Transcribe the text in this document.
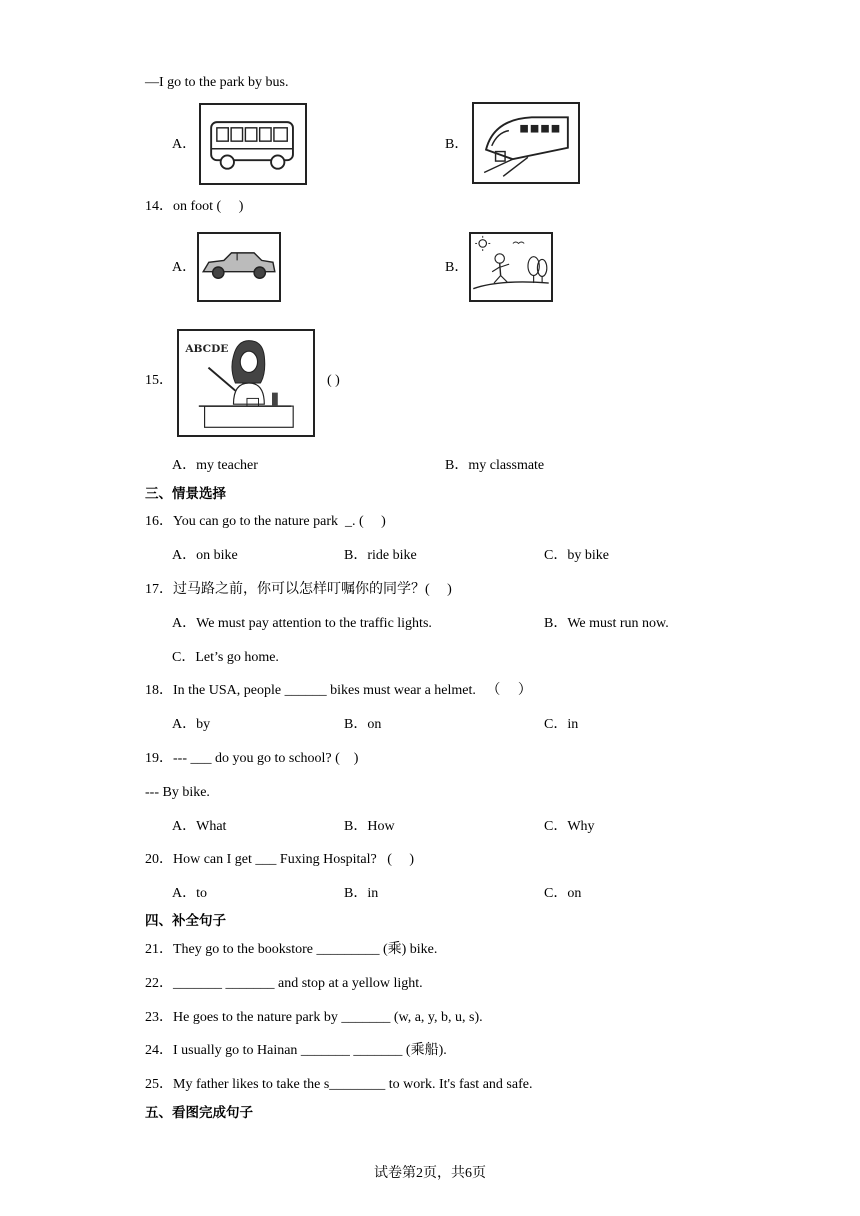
—I go to the park by bus.
A．	B．
14．on foot (     )
A．	B．
15．
ABCDE
( )
A．my teacher	B．my classmate
三、情景选择
16．You can go to the nature park  _. (     )
A．on bike	B．ride bike	C．by bike
17．过马路之前，你可以怎样叮嘱你的同学？(     )
A．We must pay attention to the traffic lights.	B．We must run now.
C．Let’s go home.
18．In the USA, people ______ bikes must wear a helmet.   （     ）
A．by	B．on	C．in
19．--- ___ do you go to school? (    )
--- By bike.
A．What	B．How	C．Why
20．How can I get ___ Fuxing Hospital?   (     )
A．to	B．in	C．on
四、补全句子
21．They go to the bookstore _________ (乘) bike.
22．_______ _______ and stop at a yellow light.
23．He goes to the nature park by _______ (w, a, y, b, u, s).
24．I usually go to Hainan _______ _______ (乘船).
25．My father likes to take the s________ to work. It's fast and safe.
五、看图完成句子
试卷第2页，共6页
